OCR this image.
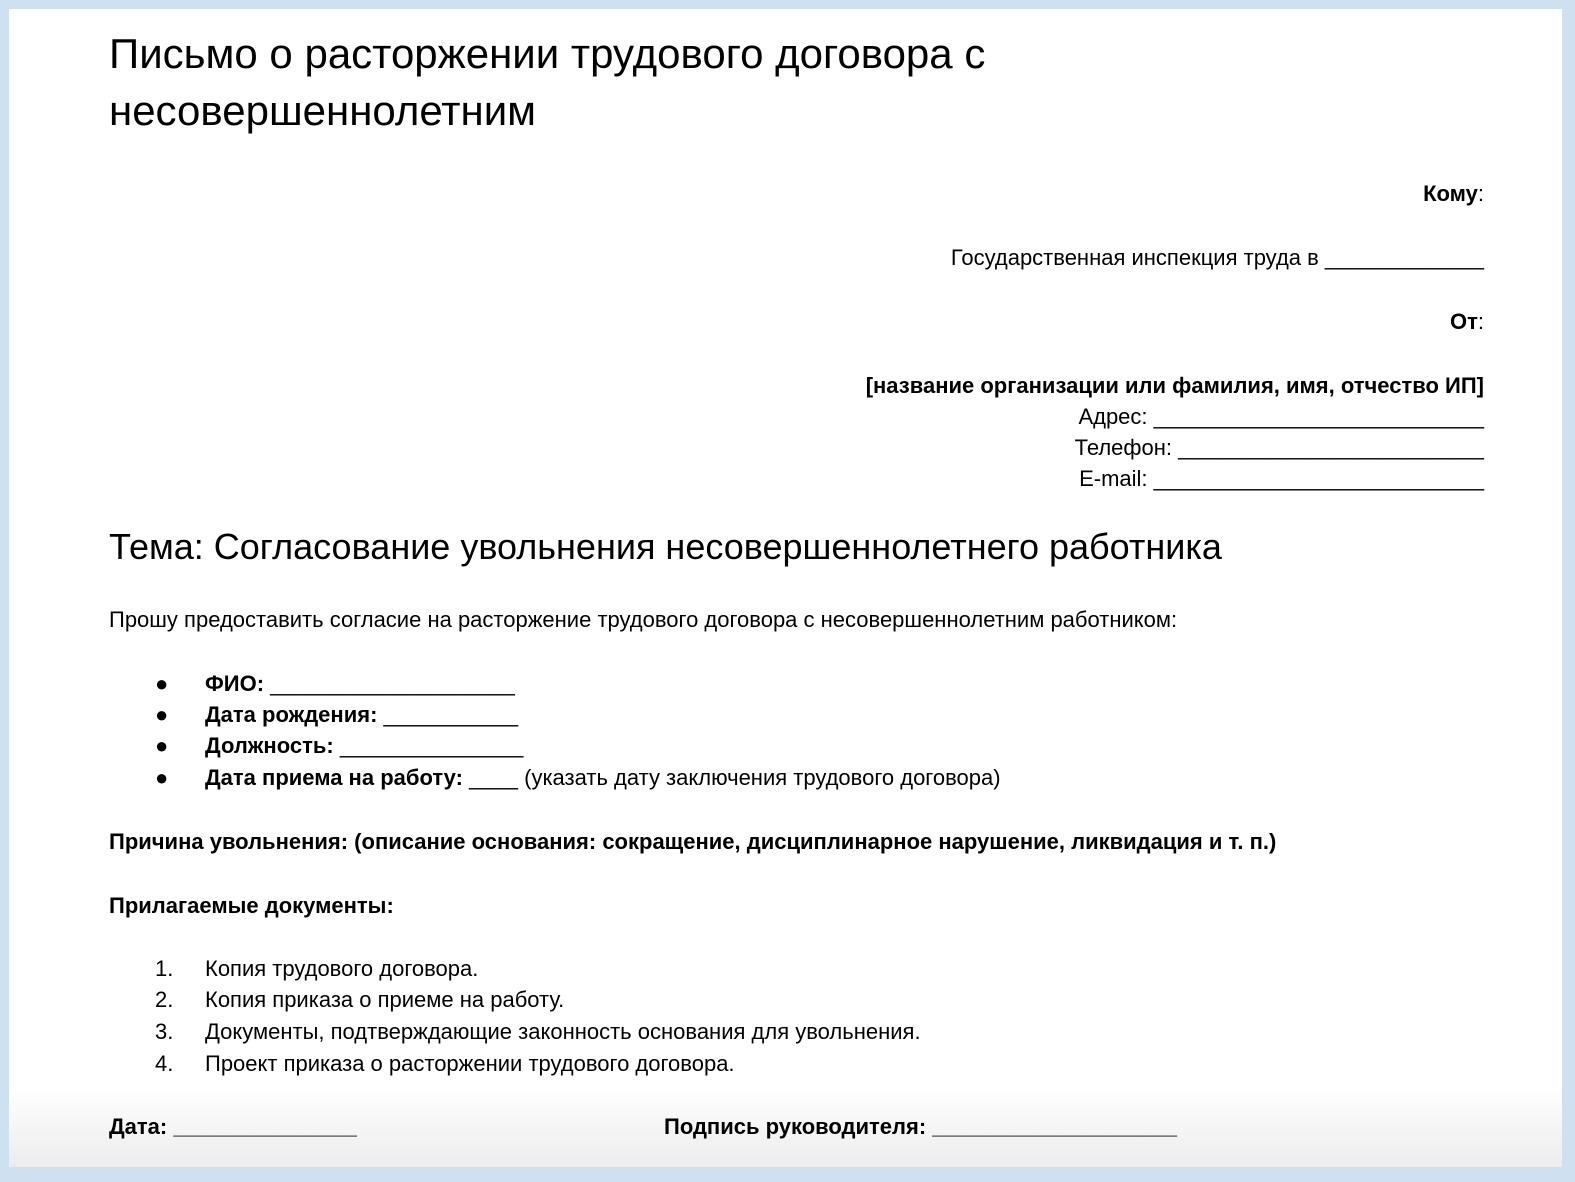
Письмо о расторжении трудового договора с несовершеннолетним
Кому:
Государственная инспекция труда в _____________
От:
[название организации или фамилия, имя, отчество ИП]
Адрес: ___________________________
Телефон: _________________________
E-mail: ___________________________
Тема: Согласование увольнения несовершеннолетнего работника
Прошу предоставить согласие на расторжение трудового договора с несовершеннолетним работником:
●	ФИО: ____________________
●	Дата рождения: ___________
●	Должность: _______________
●	Дата приема на работу: ____ (указать дату заключения трудового договора)
Причина увольнения: (описание основания: сокращение, дисциплинарное нарушение, ликвидация и т. п.)
Прилагаемые документы:
1.	Копия трудового договора.
2.	Копия приказа о приеме на работу.
3.	Документы, подтверждающие законность основания для увольнения.
4.	Проект приказа о расторжении трудового договора.
Дата: _______________	Подпись руководителя: ____________________
